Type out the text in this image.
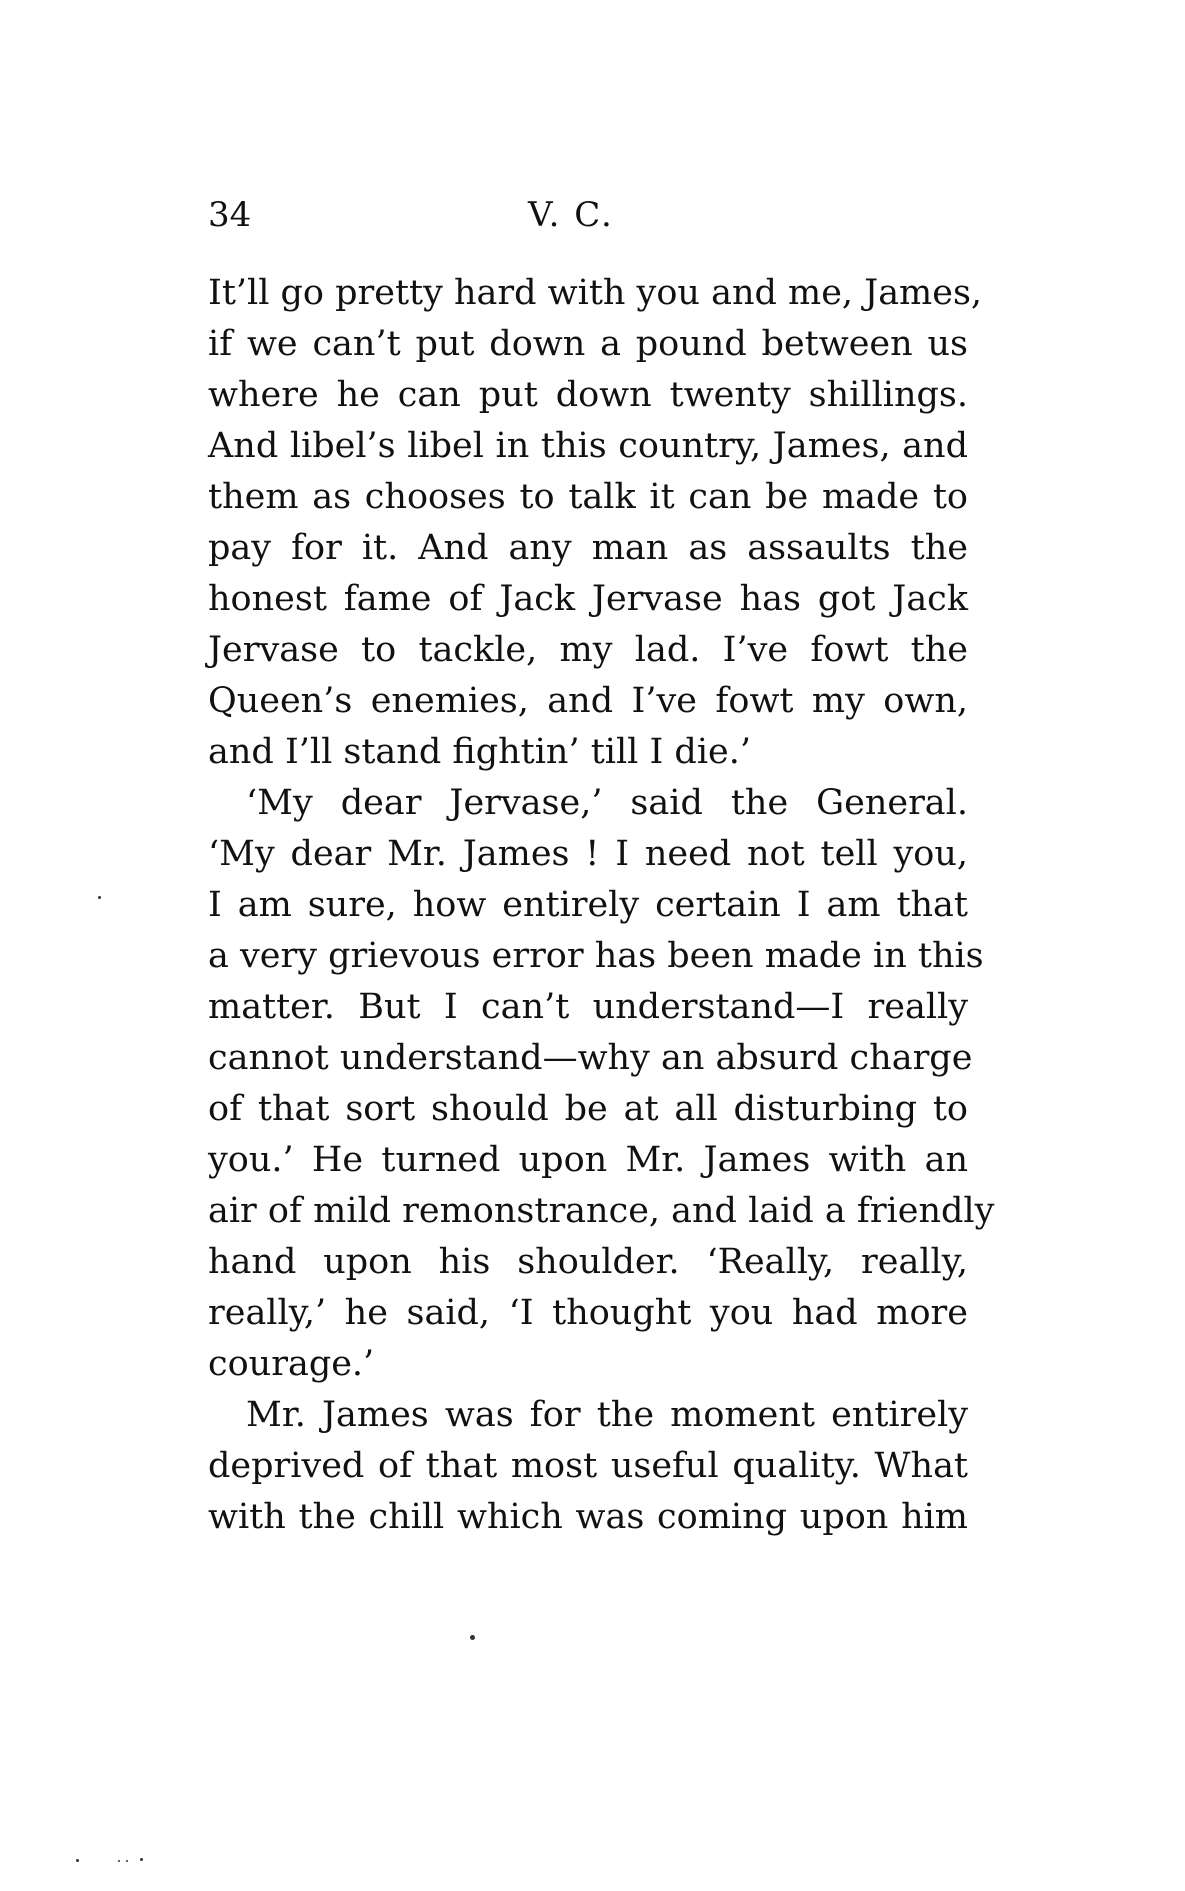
34	V. C.
It’ll go pretty hard with you and me, James,
if we can’t put down a pound between us
where he can put down twenty shillings.
And libel’s libel in this country, James, and
them as chooses to talk it can be made to
pay for it. And any man as assaults the
honest fame of Jack Jervase has got Jack
Jervase to tackle, my lad. I’ve fowt the
Queen’s enemies, and I’ve fowt my own,
and I’ll stand fightin’ till I die.’
‘My dear Jervase,’ said the General.
‘My dear Mr. James ! I need not tell you,
I am sure, how entirely certain I am that
a very grievous error has been made in this
matter. But I can’t understand—I really
cannot understand—why an absurd charge
of that sort should be at all disturbing to
you.’ He turned upon Mr. James with an
air of mild remonstrance, and laid a friendly
hand upon his shoulder. ‘Really, really,
really,’ he said, ‘I thought you had more
courage.’
Mr. James was for the moment entirely
deprived of that most useful quality. What
with the chill which was coming upon him
